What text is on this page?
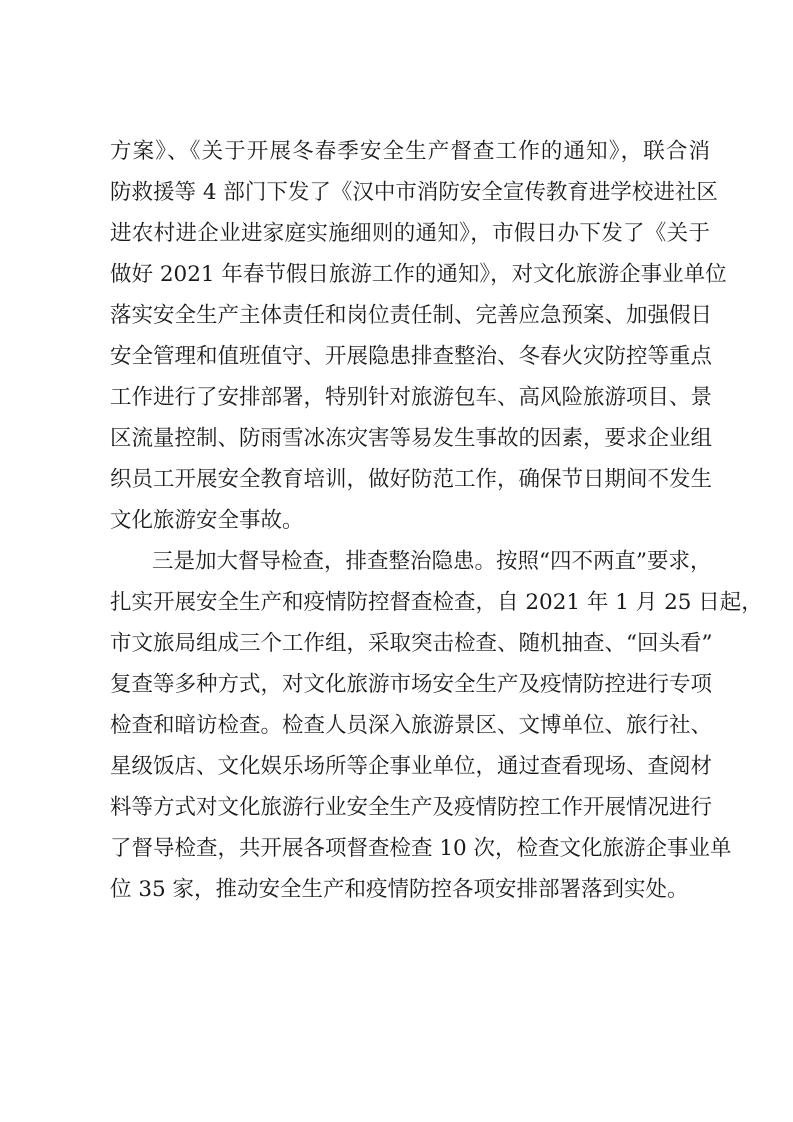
方案》、《关于开展冬春季安全生产督查工作的通知》，联合消
防救援等 4 部门下发了《汉中市消防安全宣传教育进学校进社区
进农村进企业进家庭实施细则的通知》，市假日办下发了《关于
做好 2021 年春节假日旅游工作的通知》，对文化旅游企事业单位
落实安全生产主体责任和岗位责任制、完善应急预案、加强假日
安全管理和值班值守、开展隐患排查整治、冬春火灾防控等重点
工作进行了安排部署，特别针对旅游包车、高风险旅游项目、景
区流量控制、防雨雪冰冻灾害等易发生事故的因素，要求企业组
织员工开展安全教育培训，做好防范工作，确保节日期间不发生
文化旅游安全事故。
三是加大督导检查，排查整治隐患。按照“四不两直”要求，
扎实开展安全生产和疫情防控督查检查，自 2021 年 1 月 25 日起，
市文旅局组成三个工作组，采取突击检查、随机抽查、“回头看”
复查等多种方式，对文化旅游市场安全生产及疫情防控进行专项
检查和暗访检查。检查人员深入旅游景区、文博单位、旅行社、
星级饭店、文化娱乐场所等企事业单位，通过查看现场、查阅材
料等方式对文化旅游行业安全生产及疫情防控工作开展情况进行
了督导检查，共开展各项督查检查 10 次，检查文化旅游企事业单
位 35 家，推动安全生产和疫情防控各项安排部署落到实处。
